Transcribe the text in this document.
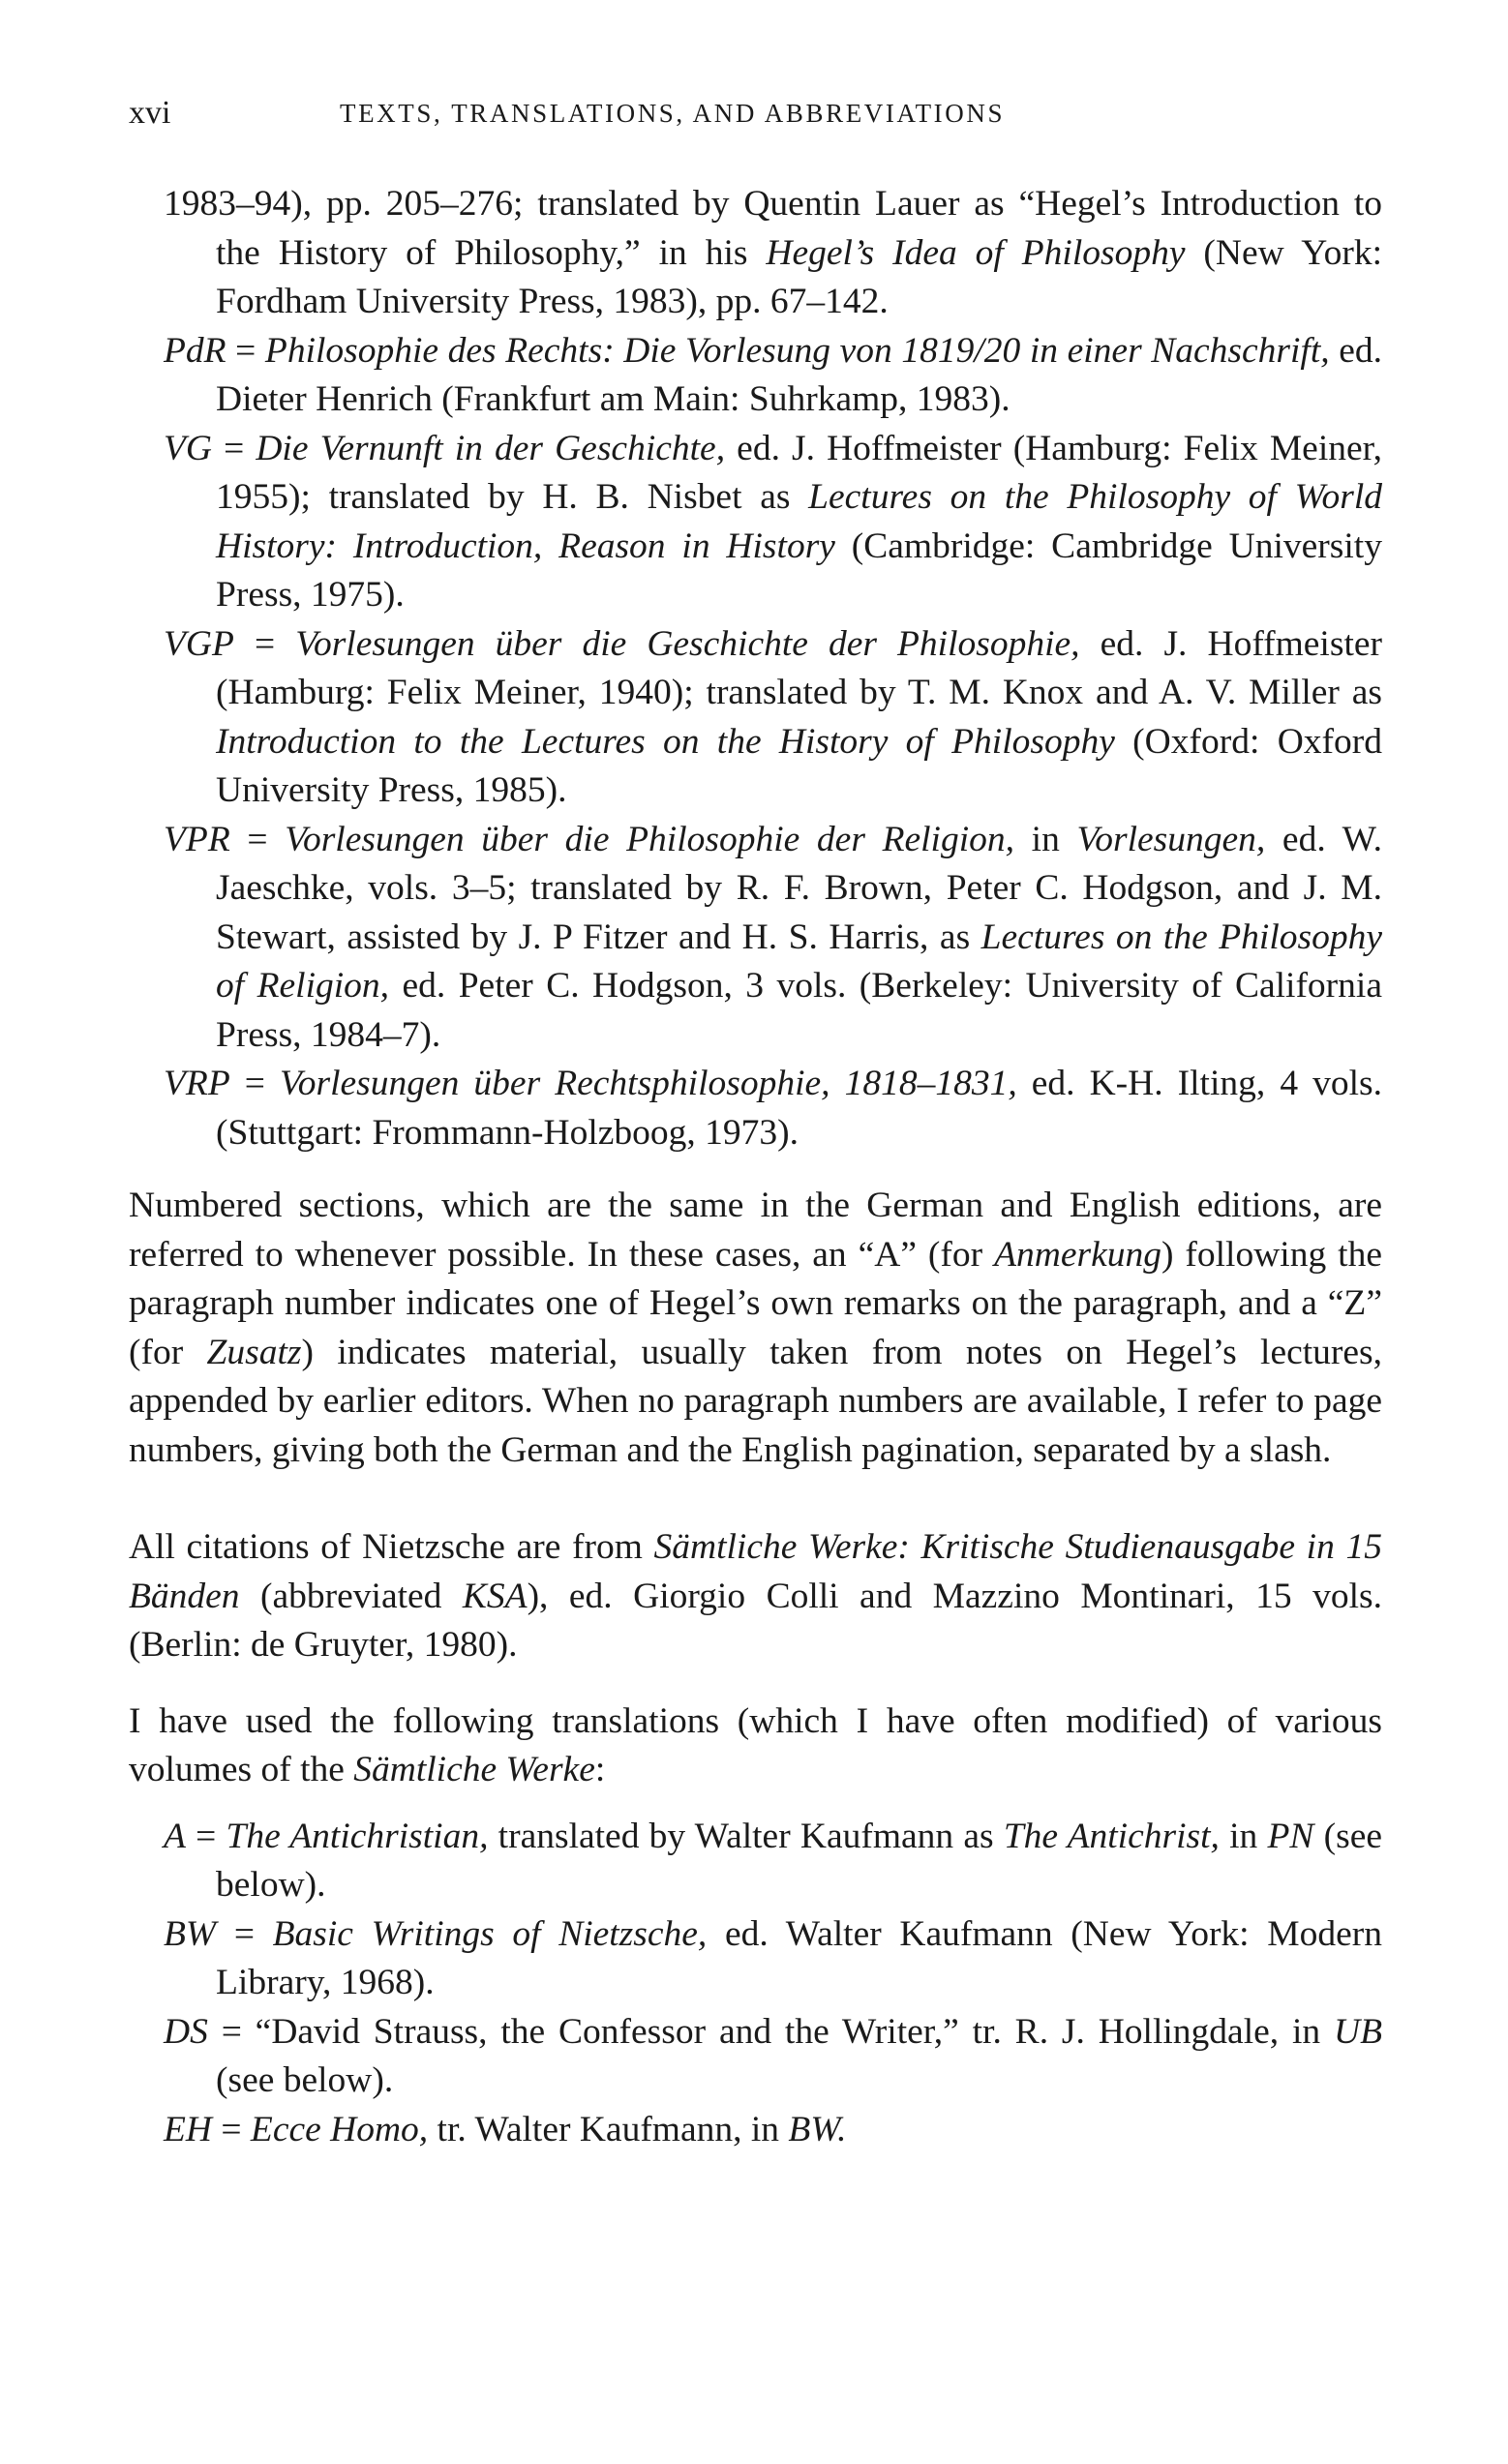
xvi	TEXTS, TRANSLATIONS, AND ABBREVIATIONS
1983–94), pp. 205–276; translated by Quentin Lauer as “Hegel’s Introduction to the History of Philosophy,” in his Hegel’s Idea of Philosophy (New York: Fordham University Press, 1983), pp. 67–142.
PdR = Philosophie des Rechts: Die Vorlesung von 1819/20 in einer Nachschrift, ed. Dieter Henrich (Frankfurt am Main: Suhrkamp, 1983).
VG = Die Vernunft in der Geschichte, ed. J. Hoffmeister (Hamburg: Felix Meiner, 1955); translated by H. B. Nisbet as Lectures on the Philosophy of World History: Introduction, Reason in History (Cambridge: Cambridge University Press, 1975).
VGP = Vorlesungen über die Geschichte der Philosophie, ed. J. Hoffmeister (Hamburg: Felix Meiner, 1940); translated by T. M. Knox and A. V. Miller as Introduction to the Lectures on the History of Philosophy (Oxford: Oxford University Press, 1985).
VPR = Vorlesungen über die Philosophie der Religion, in Vorlesungen, ed. W. Jaeschke, vols. 3–5; translated by R. F. Brown, Peter C. Hodgson, and J. M. Stewart, assisted by J. P Fitzer and H. S. Harris, as Lectures on the Philosophy of Religion, ed. Peter C. Hodgson, 3 vols. (Berkeley: University of California Press, 1984–7).
VRP = Vorlesungen über Rechtsphilosophie, 1818–1831, ed. K-H. Ilting, 4 vols. (Stuttgart: Frommann-Holzboog, 1973).

Numbered sections, which are the same in the German and English editions, are referred to whenever possible. In these cases, an “A” (for Anmerkung) following the paragraph number indicates one of Hegel’s own remarks on the paragraph, and a “Z” (for Zusatz) indicates material, usually taken from notes on Hegel’s lectures, appended by earlier editors. When no paragraph numbers are available, I refer to page numbers, giving both the German and the English pagination, separated by a slash.

All citations of Nietzsche are from Sämtliche Werke: Kritische Studienausgabe in 15 Bänden (abbreviated KSA), ed. Giorgio Colli and Mazzino Montinari, 15 vols. (Berlin: de Gruyter, 1980).

I have used the following translations (which I have often modified) of various volumes of the Sämtliche Werke:

A = The Antichristian, translated by Walter Kaufmann as The Antichrist, in PN (see below).
BW = Basic Writings of Nietzsche, ed. Walter Kaufmann (New York: Modern Library, 1968).
DS = “David Strauss, the Confessor and the Writer,” tr. R. J. Hollingdale, in UB (see below).
EH = Ecce Homo, tr. Walter Kaufmann, in BW.
